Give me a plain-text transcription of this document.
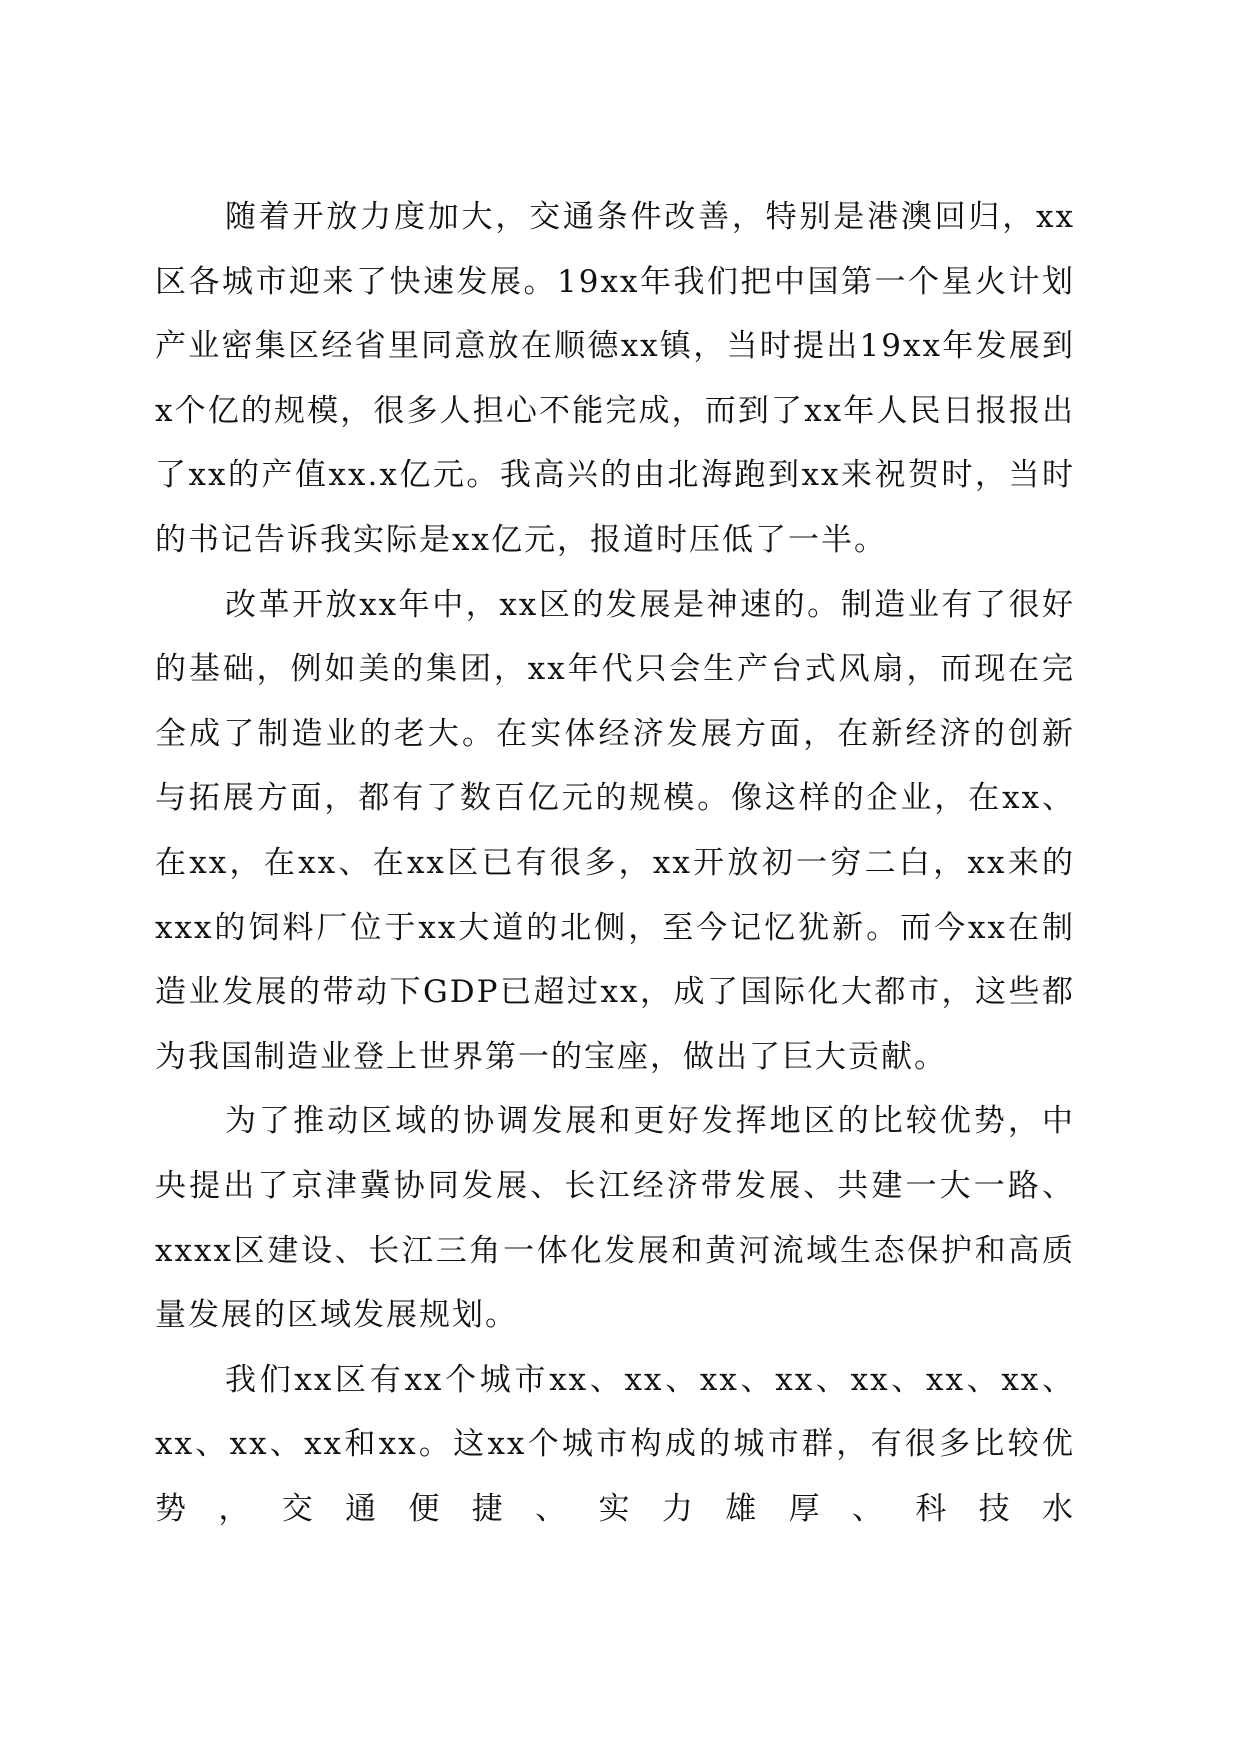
随着开放力度加大，交通条件改善，特别是港澳回归，xx区各城市迎来了快速发展。19xx年我们把中国第一个星火计划产业密集区经省里同意放在顺德xx镇，当时提出19xx年发展到x个亿的规模，很多人担心不能完成，而到了xx年人民日报报出了xx的产值xx.x亿元。我高兴的由北海跑到xx来祝贺时，当时的书记告诉我实际是xx亿元，报道时压低了一半。

改革开放xx年中，xx区的发展是神速的。制造业有了很好的基础，例如美的集团，xx年代只会生产台式风扇，而现在完全成了制造业的老大。在实体经济发展方面，在新经济的创新与拓展方面，都有了数百亿元的规模。像这样的企业，在xx、在xx，在xx、在xx区已有很多，xx开放初一穷二白，xx来的xxx的饲料厂位于xx大道的北侧，至今记忆犹新。而今xx在制造业发展的带动下GDP已超过xx，成了国际化大都市，这些都为我国制造业登上世界第一的宝座，做出了巨大贡献。

为了推动区域的协调发展和更好发挥地区的比较优势，中央提出了京津冀协同发展、长江经济带发展、共建一大一路、xxxx区建设、长江三角一体化发展和黄河流域生态保护和高质量发展的区域发展规划。

我们xx区有xx个城市xx、xx、xx、xx、xx、xx、xx、xx、xx、xx和xx。这xx个城市构成的城市群，有很多比较优势，交通便捷、实力雄厚、科技水
